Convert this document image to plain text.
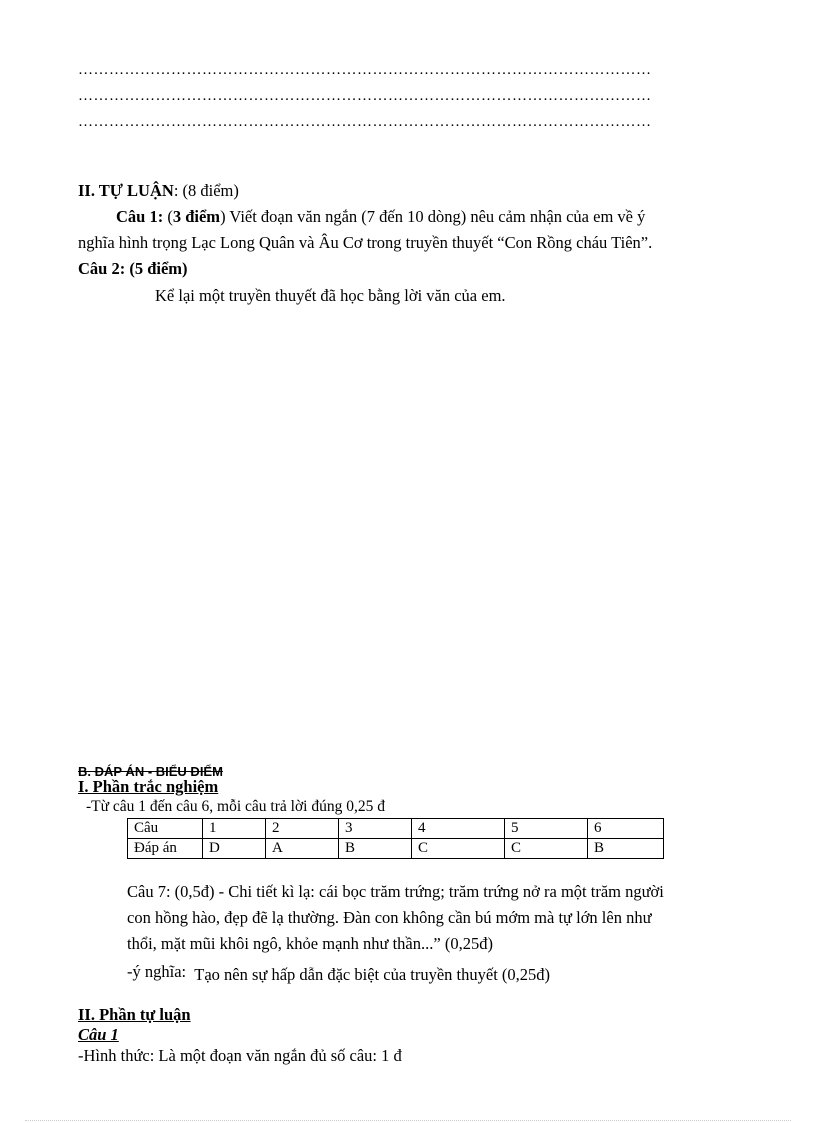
…………………………………………………………………………………………………
…………………………………………………………………………………………………
…………………………………………………………………………………………………
II. TỰ LUẬN: (8 điểm)
Câu 1: (3 điểm) Viết đoạn văn ngắn (7 đến 10 dòng) nêu cảm nhận của em về ý
nghĩa hình trọng Lạc Long Quân và Âu Cơ trong truyền thuyết “Con Rồng cháu Tiên”.
Câu 2: (5 điểm)
Kể lại một truyền thuyết đã học bằng lời văn của em.
B. ĐÁP ÁN - BIỂU ĐIỂM
I. Phần trắc nghiệm
-Từ câu 1 đến câu 6, mỗi câu trả lời đúng 0,25 đ
Câu	1	2	3	4	5	6
Đáp án	D	A	B	C	C	B
Câu 7: (0,5đ) - Chi tiết kì lạ: cái bọc trăm trứng; trăm trứng nở ra một trăm người
con hồng hào, đẹp đẽ lạ thường. Đàn con không cần bú mớm mà tự lớn lên như
thổi, mặt mũi khôi ngô, khỏe mạnh như thần...” (0,25đ)
-ý nghĩa: Tạo nên sự hấp dẫn đặc biệt của truyền thuyết (0,25đ)
II. Phần tự luận
Câu 1
-Hình thức: Là một đoạn văn ngắn đủ số câu: 1 đ
